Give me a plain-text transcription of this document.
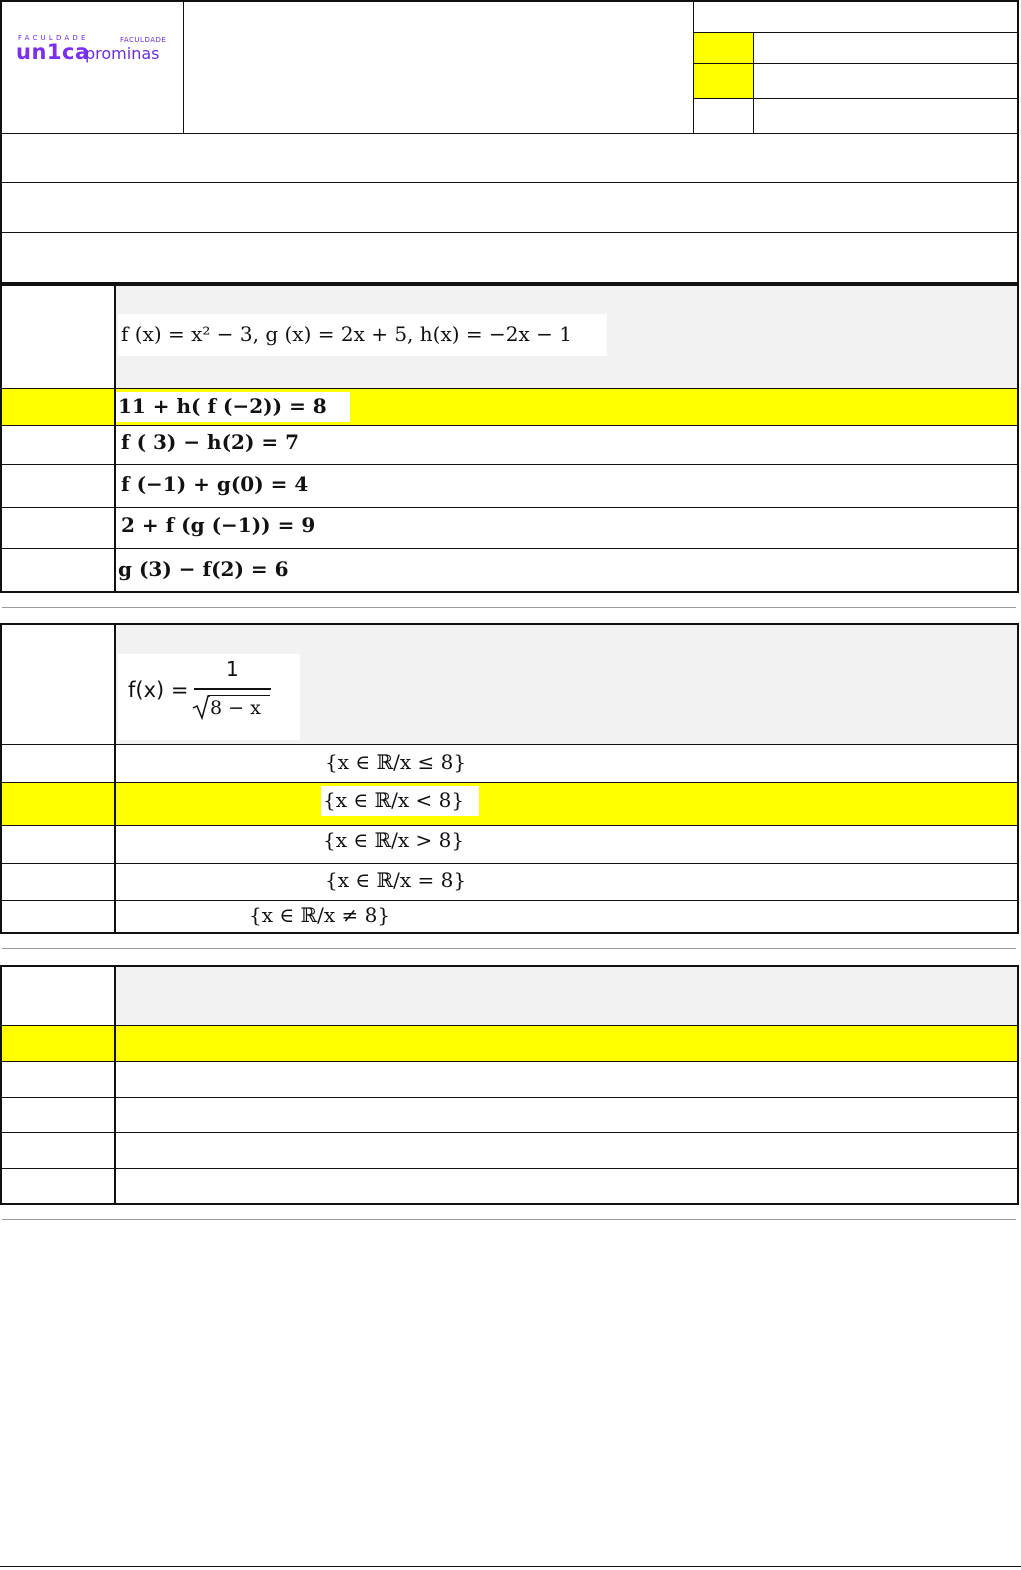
FACULDADE	FACULDADE
un1ca
prominas
f (x) = x² − 3, g (x) = 2x + 5, h(x) = −2x − 1
11 + h( f (−2)) = 8
f ( 3) − h(2) = 7
f (−1) + g(0) = 4
2 + f (g (−1)) = 9
g (3) − f(2) = 6
f(x) =
1
8 − x
{x ∈ ℝ/x ≤ 8}
{x ∈ ℝ/x < 8}
{x ∈ ℝ/x > 8}
{x ∈ ℝ/x = 8}
{x ∈ ℝ/x ≠ 8}
